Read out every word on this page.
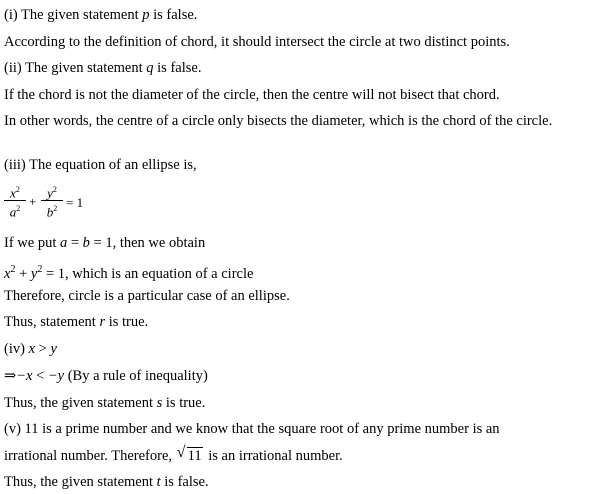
(i) The given statement p is false.
According to the definition of chord, it should intersect the circle at two distinct points.
(ii) The given statement q is false.
If the chord is not the diameter of the circle, then the centre will not bisect that chord.
In other words, the centre of a circle only bisects the diameter, which is the chord of the circle.
(iii) The equation of an ellipse is,
$x^2$
$a^2$ +
$y^2$
$b^2 = 1$
If we put a = b = 1, then we obtain
$x^2 + y^2 = 1$, which is an equation of a circle
Therefore, circle is a particular case of an ellipse.
Thus, statement r is true.
(iv) x > y
⇒−x < −y (By a rule of inequality)
Thus, the given statement s is true.
(v) 11 is a prime number and we know that the square root of any prime number is an
irrational number. Therefore, √ 11 is an irrational number.
Thus, the given statement t is false.
